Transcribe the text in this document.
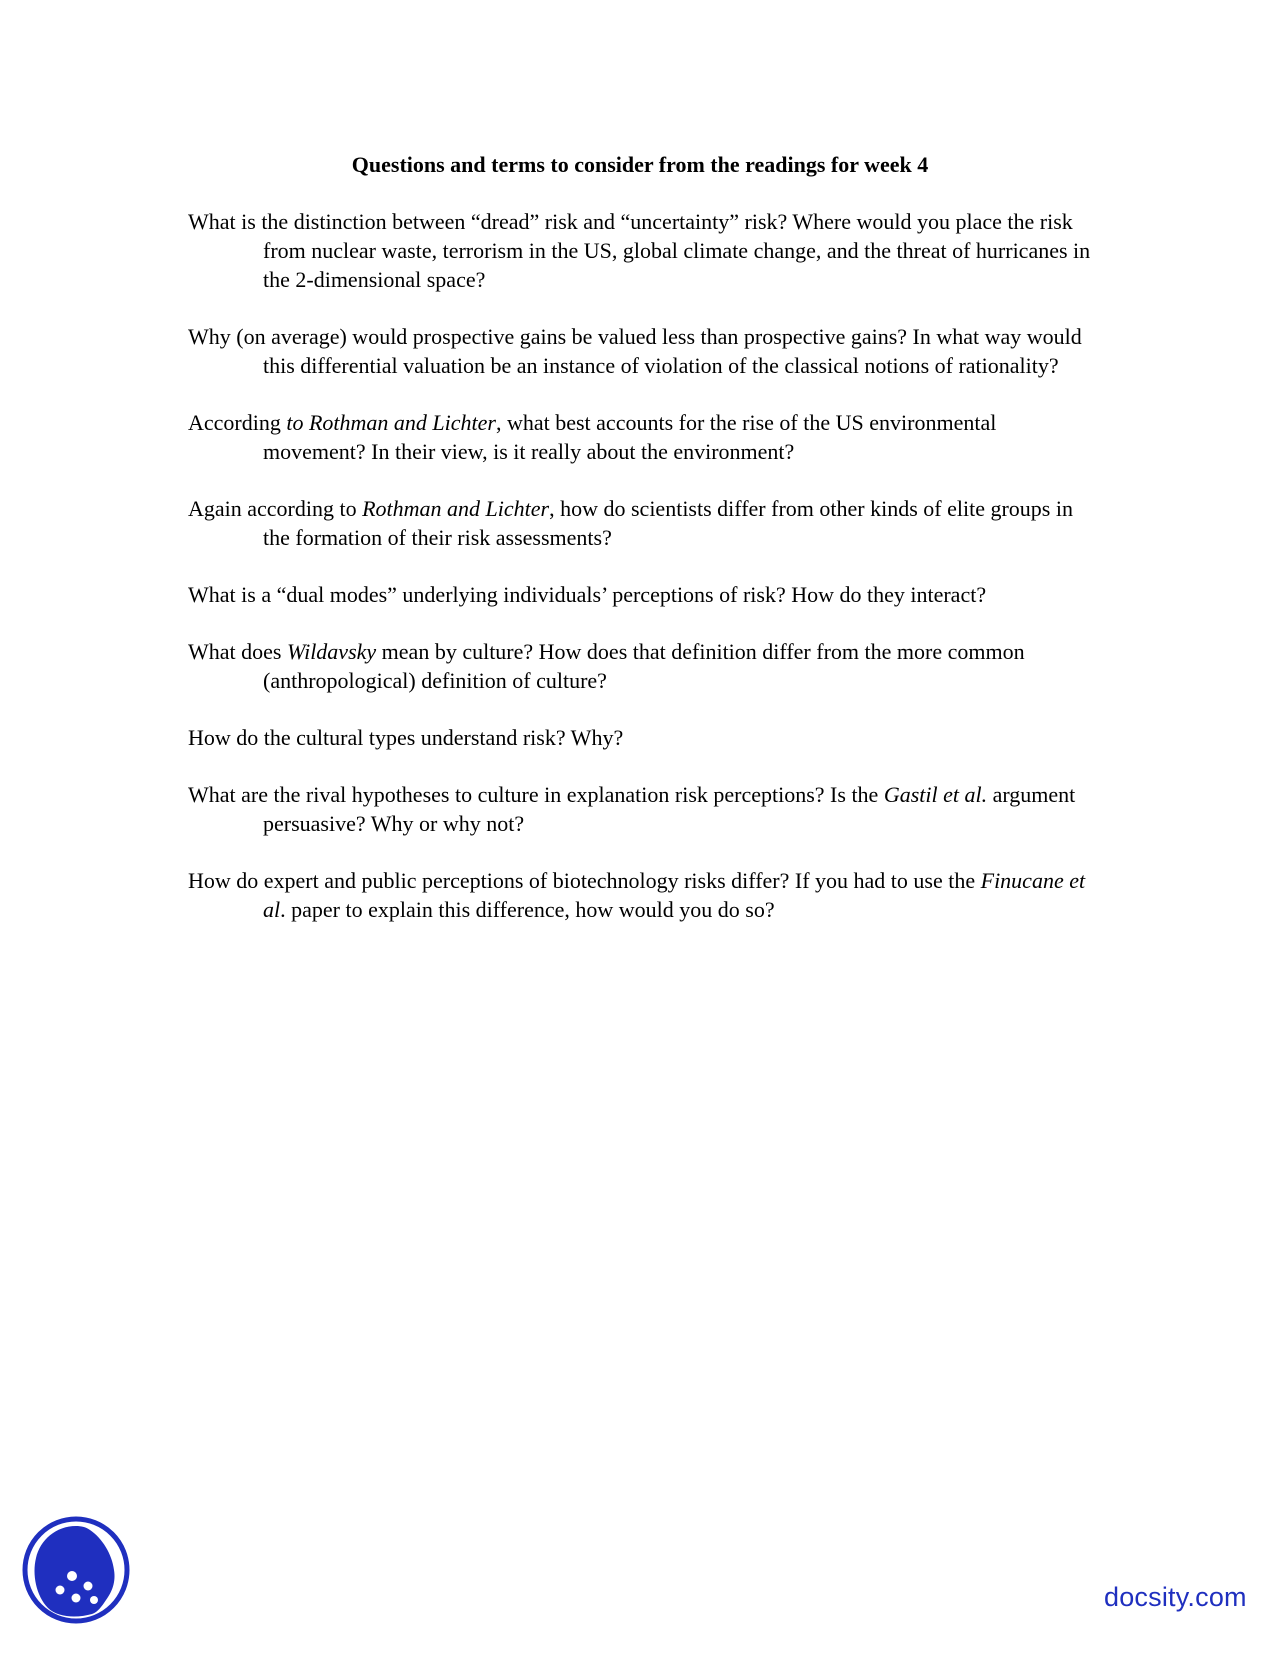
Questions and terms to consider from the readings for week 4

What is the distinction between “dread” risk and “uncertainty” risk? Where would you place the risk from nuclear waste, terrorism in the US, global climate change, and the threat of hurricanes in the 2-dimensional space?

Why (on average) would prospective gains be valued less than prospective gains? In what way would this differential valuation be an instance of violation of the classical notions of rationality?

According to Rothman and Lichter, what best accounts for the rise of the US environmental movement? In their view, is it really about the environment?

Again according to Rothman and Lichter, how do scientists differ from other kinds of elite groups in the formation of their risk assessments?

What is a “dual modes” underlying individuals’ perceptions of risk? How do they interact?

What does Wildavsky mean by culture? How does that definition differ from the more common (anthropological) definition of culture?

How do the cultural types understand risk? Why?

What are the rival hypotheses to culture in explanation risk perceptions? Is the Gastil et al. argument persuasive? Why or why not?

How do expert and public perceptions of biotechnology risks differ? If you had to use the Finucane et al. paper to explain this difference, how would you do so?

docsity.com
